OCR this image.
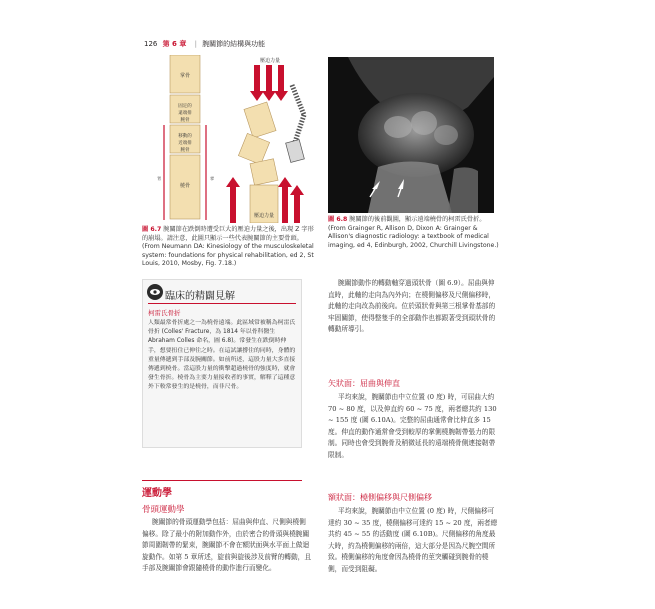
126 第 6 章 | 腕關節的結構與功能
掌骨
固定的
遠端排
腕骨
移動的
近端排
腕骨
橈骨
背	掌
壓迫力量
壓迫力量
圖 6.7 腕關節在跌倒時遭受巨大的壓迫力量之後，出現 Z 字形的崩塌。請注意，此圖只顯示一些代表腕關節的主要骨頭。(From Neumann DA: Kinesiology of the musculoskeletal system: foundations for physical rehabilitation, ed 2, St Louis, 2010, Mosby, Fig. 7.18.)
圖 6.8 腕關節的後前觀圖，顯示遠端橈骨的柯雷氏骨折。(From Grainger R, Allison D, Dixon A: Grainger & Allison's diagnostic radiology: a textbook of medical imaging, ed 4, Edinburgh, 2002, Churchill Livingstone.)
臨床的精闢見解
柯雷氏骨折
人類最常骨折處之一為橈骨遠端。此區域常被稱為柯雷氏骨折 (Colles' Fracture，為 1814 年以骨科醫生 Abraham Colles 命名，圖 6.8)。常發生在跌倒時伸手，想要扭住已伸往之時。在這試讓撐住的同時，身體的重量傳遞到手部及腕關節。如前所述，這股力量大多直接傳遞到橈骨。當這股力量的衝擊超過橈骨的強度時，就會發生骨折。橈骨為主要力量接收者的事實，解釋了這種意外下較常發生的是橈骨，而非尺骨。
運動學
骨頭運動學
腕關節的骨頭運動學包括：屈曲與伸直、尺側與橈側偏移。除了最小的附加動作外，由於密合的骨頭與橈腕關節周圍韌帶的緊束，腕關節不會在額狀面與水平面上做迴旋動作。如第 5 章所述，旋前與旋後涉及前臂的轉動，且手部及腕關節會跟隨橈骨的動作進行而變化。
腕關節動作的轉動軸穿過頭狀骨（圖 6.9）。屈曲與伸直時，此軸的走向為內外向；在橈側偏移及尺側偏移時，此軸的走向改為前後向。位於頭狀骨與第三根掌骨基部的牢固關節，使得整隻手的全部動作也都跟著受到頭狀骨的轉動所導引。
矢狀面：屈曲與伸直
平均來說，腕關節由中立位置 (0 度) 時，可屈曲大約 70 ~ 80 度，以及伸直約 60 ~ 75 度，兩者總共約 130 ~ 155 度 (圖 6.10A)。完整的屈曲通常會比伸直多 15 度。伸直的動作通常會受到較厚的掌側橈腕韌帶張力的限制。同時也會受到腕骨及稍微延長的遠端橈骨側連接韌帶限制。
額狀面：橈側偏移與尺側偏移
平均來說，腕關節由中立位置 (0 度) 時，尺側偏移可達約 30 ~ 35 度，橈側偏移可達約 15 ~ 20 度，兩者總共約 45 ~ 55 的活動度 (圖 6.10B)。尺側偏移的角度最大時，約為橈側偏移的兩倍，這大部分是因為尺腕空間所致。橈側偏移的角度會因為橈骨的莖突觸碰到腕骨的橈側，而受到阻礙。
